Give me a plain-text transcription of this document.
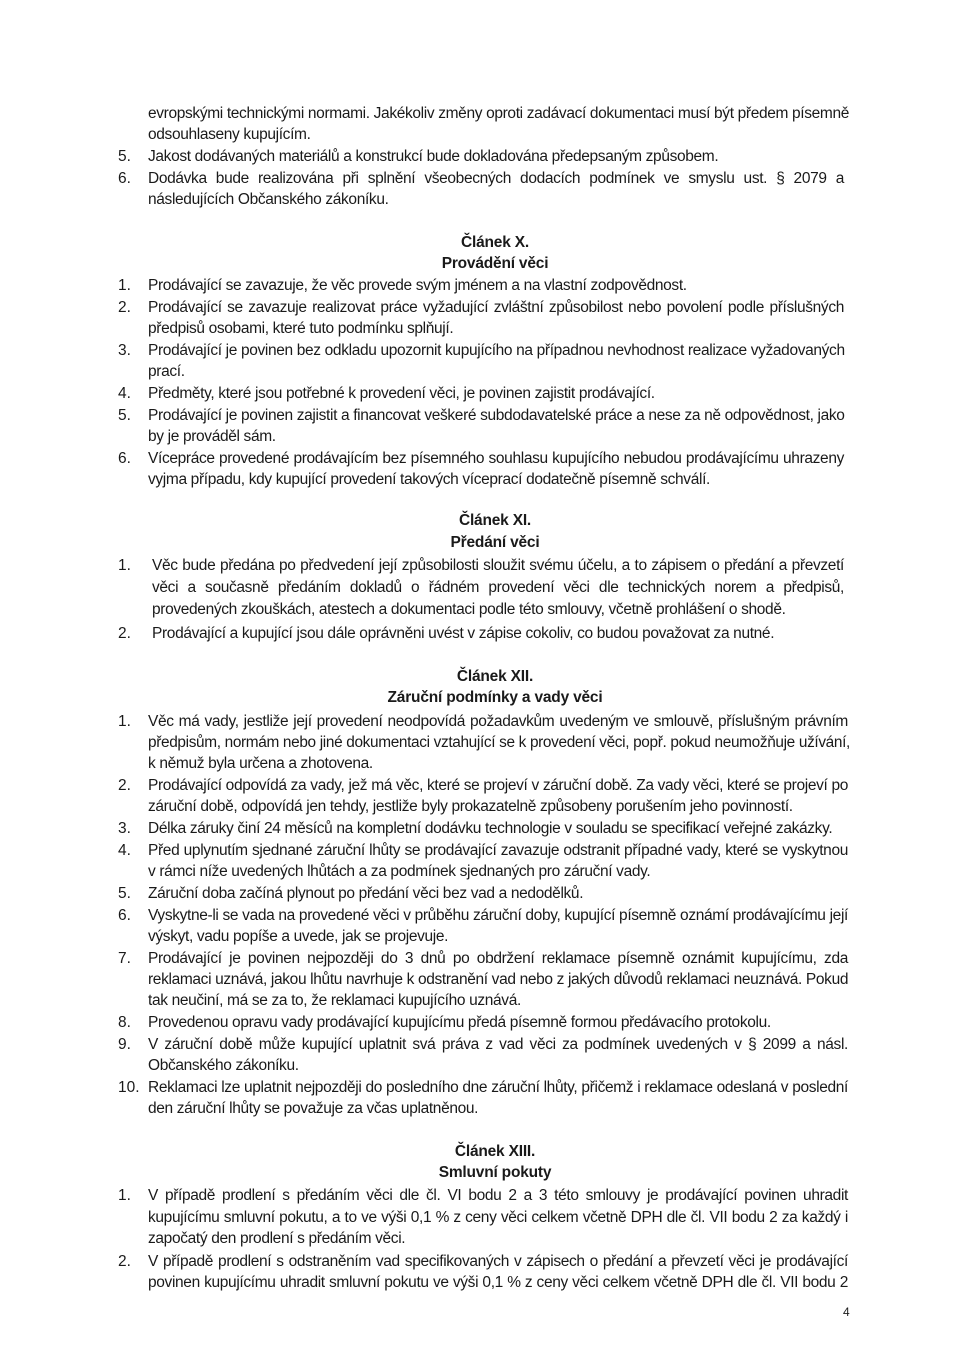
evropskými technickými normami. Jakékoliv změny oproti zadávací dokumentaci musí být předem písemně
odsouhlaseny kupujícím.
5. Jakost dodávaných materiálů a konstrukcí bude dokladována předepsaným způsobem.
6. Dodávka bude realizována při splnění všeobecných dodacích podmínek ve smyslu ust. § 2079 a
následujících Občanského zákoníku.
Článek X.
Provádění věci
1. Prodávající se zavazuje, že věc provede svým jménem a na vlastní zodpovědnost.
2. Prodávající se zavazuje realizovat práce vyžadující zvláštní způsobilost nebo povolení podle příslušných
předpisů osobami, které tuto podmínku splňují.
3. Prodávající je povinen bez odkladu upozornit kupujícího na případnou nevhodnost realizace vyžadovaných
prací.
4. Předměty, které jsou potřebné k provedení věci, je povinen zajistit prodávající.
5. Prodávající je povinen zajistit a financovat veškeré subdodavatelské práce a nese za ně odpovědnost, jako
by je prováděl sám.
6. Vícepráce provedené prodávajícím bez písemného souhlasu kupujícího nebudou prodávajícímu uhrazeny
vyjma případu, kdy kupující provedení takových víceprací dodatečně písemně schválí.
Článek XI.
Předání věci
1. Věc bude předána po předvedení její způsobilosti sloužit svému účelu, a to zápisem o předání a převzetí
věci a současně předáním dokladů o řádném provedení věci dle technických norem a předpisů,
provedených zkouškách, atestech a dokumentaci podle této smlouvy, včetně prohlášení o shodě.
2. Prodávající a kupující jsou dále oprávněni uvést v zápise cokoliv, co budou považovat za nutné.
Článek XII.
Záruční podmínky a vady věci
1. Věc má vady, jestliže její provedení neodpovídá požadavkům uvedeným ve smlouvě, příslušným právním
předpisům, normám nebo jiné dokumentaci vztahující se k provedení věci, popř. pokud neumožňuje užívání,
k němuž byla určena a zhotovena.
2. Prodávající odpovídá za vady, jež má věc, které se projeví v záruční době. Za vady věci, které se projeví po
záruční době, odpovídá jen tehdy, jestliže byly prokazatelně způsobeny porušením jeho povinností.
3. Délka záruky činí 24 měsíců na kompletní dodávku technologie v souladu se specifikací veřejné zakázky.
4. Před uplynutím sjednané záruční lhůty se prodávající zavazuje odstranit případné vady, které se vyskytnou
v rámci níže uvedených lhůtách a za podmínek sjednaných pro záruční vady.
5. Záruční doba začíná plynout po předání věci bez vad a nedodělků.
6. Vyskytne-li se vada na provedené věci v průběhu záruční doby, kupující písemně oznámí prodávajícímu její
výskyt, vadu popíše a uvede, jak se projevuje.
7. Prodávající je povinen nejpozději do 3 dnů po obdržení reklamace písemně oznámit kupujícímu, zda
reklamaci uznává, jakou lhůtu navrhuje k odstranění vad nebo z jakých důvodů reklamaci neuznává. Pokud
tak neučiní, má se za to, že reklamaci kupujícího uznává.
8. Provedenou opravu vady prodávající kupujícímu předá písemně formou předávacího protokolu.
9. V záruční době může kupující uplatnit svá práva z vad věci za podmínek uvedených v § 2099 a násl.
Občanského zákoníku.
10. Reklamaci lze uplatnit nejpozději do posledního dne záruční lhůty, přičemž i reklamace odeslaná v poslední
den záruční lhůty se považuje za včas uplatněnou.
Článek XIII.
Smluvní pokuty
1. V případě prodlení s předáním věci dle čl. VI bodu 2 a 3 této smlouvy je prodávající povinen uhradit
kupujícímu smluvní pokutu, a to ve výši 0,1 % z ceny věci celkem včetně DPH dle čl. VII bodu 2 za každý i
započatý den prodlení s předáním věci.
2. V případě prodlení s odstraněním vad specifikovaných v zápisech o předání a převzetí věci je prodávající
povinen kupujícímu uhradit smluvní pokutu ve výši 0,1 % z ceny věci celkem včetně DPH dle čl. VII bodu 2
4
